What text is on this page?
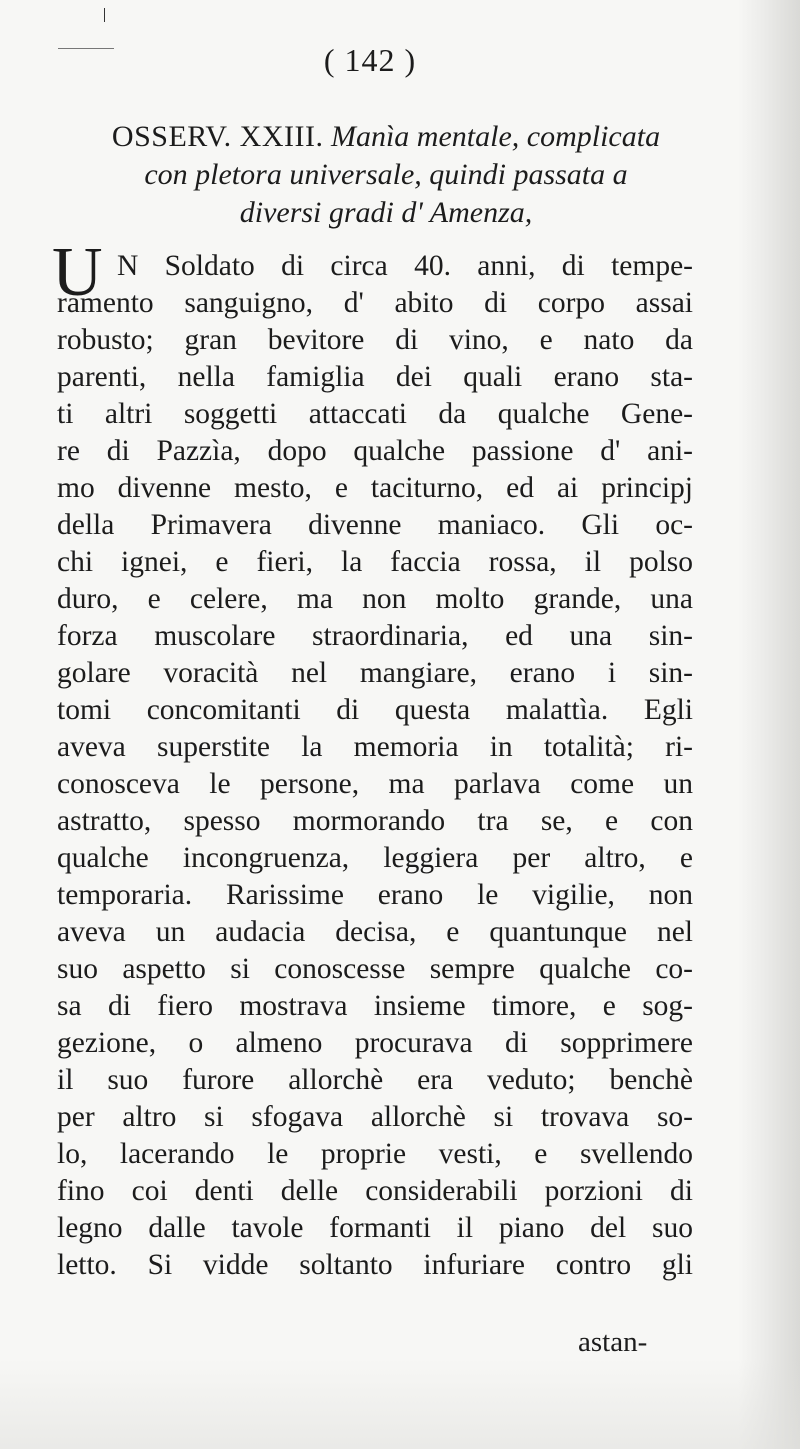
( 142 )
OSSERV. XXIII. Manìa mentale, complicata
con pletora universale, quindi passata a
diversi gradi d' Amenza,
U N Soldato di circa 40. anni, di tempe-
ramento sanguigno, d' abito di corpo assai
robusto; gran bevitore di vino, e nato da
parenti, nella famiglia dei quali erano sta-
ti altri soggetti attaccati da qualche Gene-
re di Pazzìa, dopo qualche passione d' ani-
mo divenne mesto, e taciturno, ed ai principj
della Primavera divenne maniaco. Gli oc-
chi ignei, e fieri, la faccia rossa, il polso
duro, e celere, ma non molto grande, una
forza muscolare straordinaria, ed una sin-
golare voracità nel mangiare, erano i sin-
tomi concomitanti di questa malattìa. Egli
aveva superstite la memoria in totalità; ri-
conosceva le persone, ma parlava come un
astratto, spesso mormorando tra se, e con
qualche incongruenza, leggiera per altro, e
temporaria. Rarissime erano le vigilie, non
aveva un audacia decisa, e quantunque nel
suo aspetto si conoscesse sempre qualche co-
sa di fiero mostrava insieme timore, e sog-
gezione, o almeno procurava di sopprimere
il suo furore allorchè era veduto; benchè
per altro si sfogava allorchè si trovava so-
lo, lacerando le proprie vesti, e svellendo
fino coi denti delle considerabili porzioni di
legno dalle tavole formanti il piano del suo
letto. Si vidde soltanto infuriare contro gli
astan-
